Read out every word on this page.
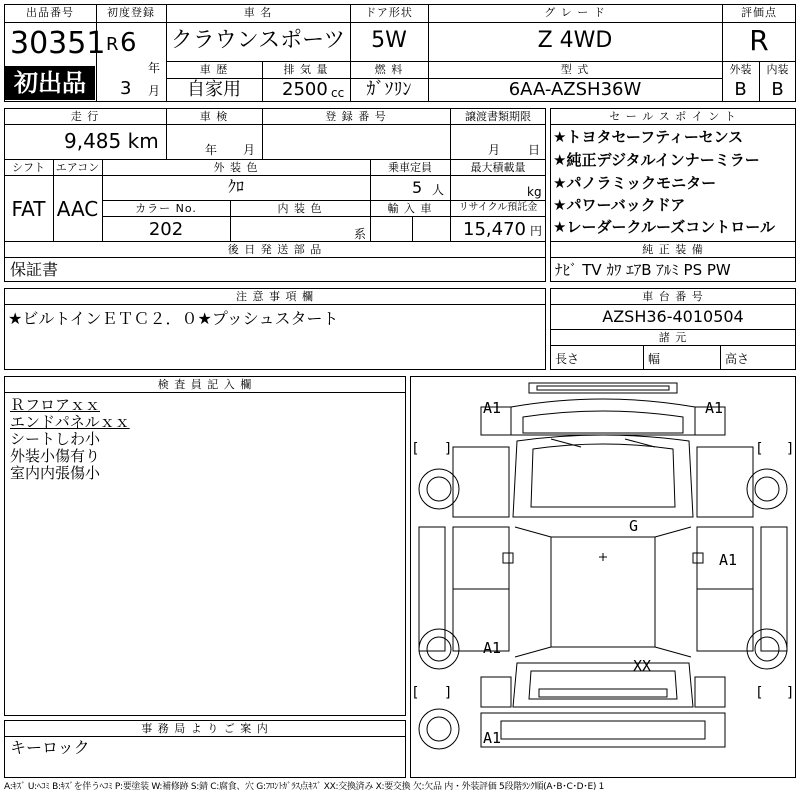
出品番号
30351
初出品
初度登録
R 6
年
3 月
車 名
クラウンスポーツ
ドア形状
5W
グ レ ー ド
Z 4WD
評価点
R
車 歴
自家用
排 気 量
2500 cc
燃 料
ｶﾞｿﾘﾝ
型 式
6AA-AZSH36W
外装
B
内装
B
走 行
9,485 km
車 検
年 月
登 録 番 号	譲渡書類期限
月 日
シフト
FAT
エアコン
AAC
外 装 色
ｸﾛ
乗車定員
5 人
最大積載量
kg
カラー No.
202
内 装 色
系
輸 入 車	リサイクル預託金
15,470 円
後 日 発 送 部 品
保証書
セ ー ル ス ポ イ ン ト
★トヨタセーフティーセンス
★純正デジタルインナーミラー
★パノラミックモニター
★パワーバックドア
★レーダークルーズコントロール
純 正 装 備
ﾅﾋﾞ TV ｶﾜ ｴｱB ｱﾙﾐ PS PW
注 意 事 項 欄
★ビルトインＥＴＣ２．０★プッシュスタート
車 台 番 号
AZSH36-4010504
諸 元
長さ	幅	高さ
検 査 員 記 入 欄
Ｒフロアｘｘ
エンドパネルｘｘ
シートしわ小
外装小傷有り
室内内張傷小
事 務 局 よ り ご 案 内
キーロック
[ ]	[ ]
[ ]	[ ]
A1	A1
G
A1
A1
XX
A1
A:ｷｽﾞ U:ﾍｺﾐ B:ｷｽﾞを伴うﾍｺﾐ P:要塗装 W:補修跡 S:錆 C:腐食、穴 G:ﾌﾛﾝﾄｶﾞﾗｽ点ｷｽﾞ XX:交換済み X:要交換 欠:欠品 内・外装評価 5段階ﾗﾝｸ順(A･B･C･D･E) 1
